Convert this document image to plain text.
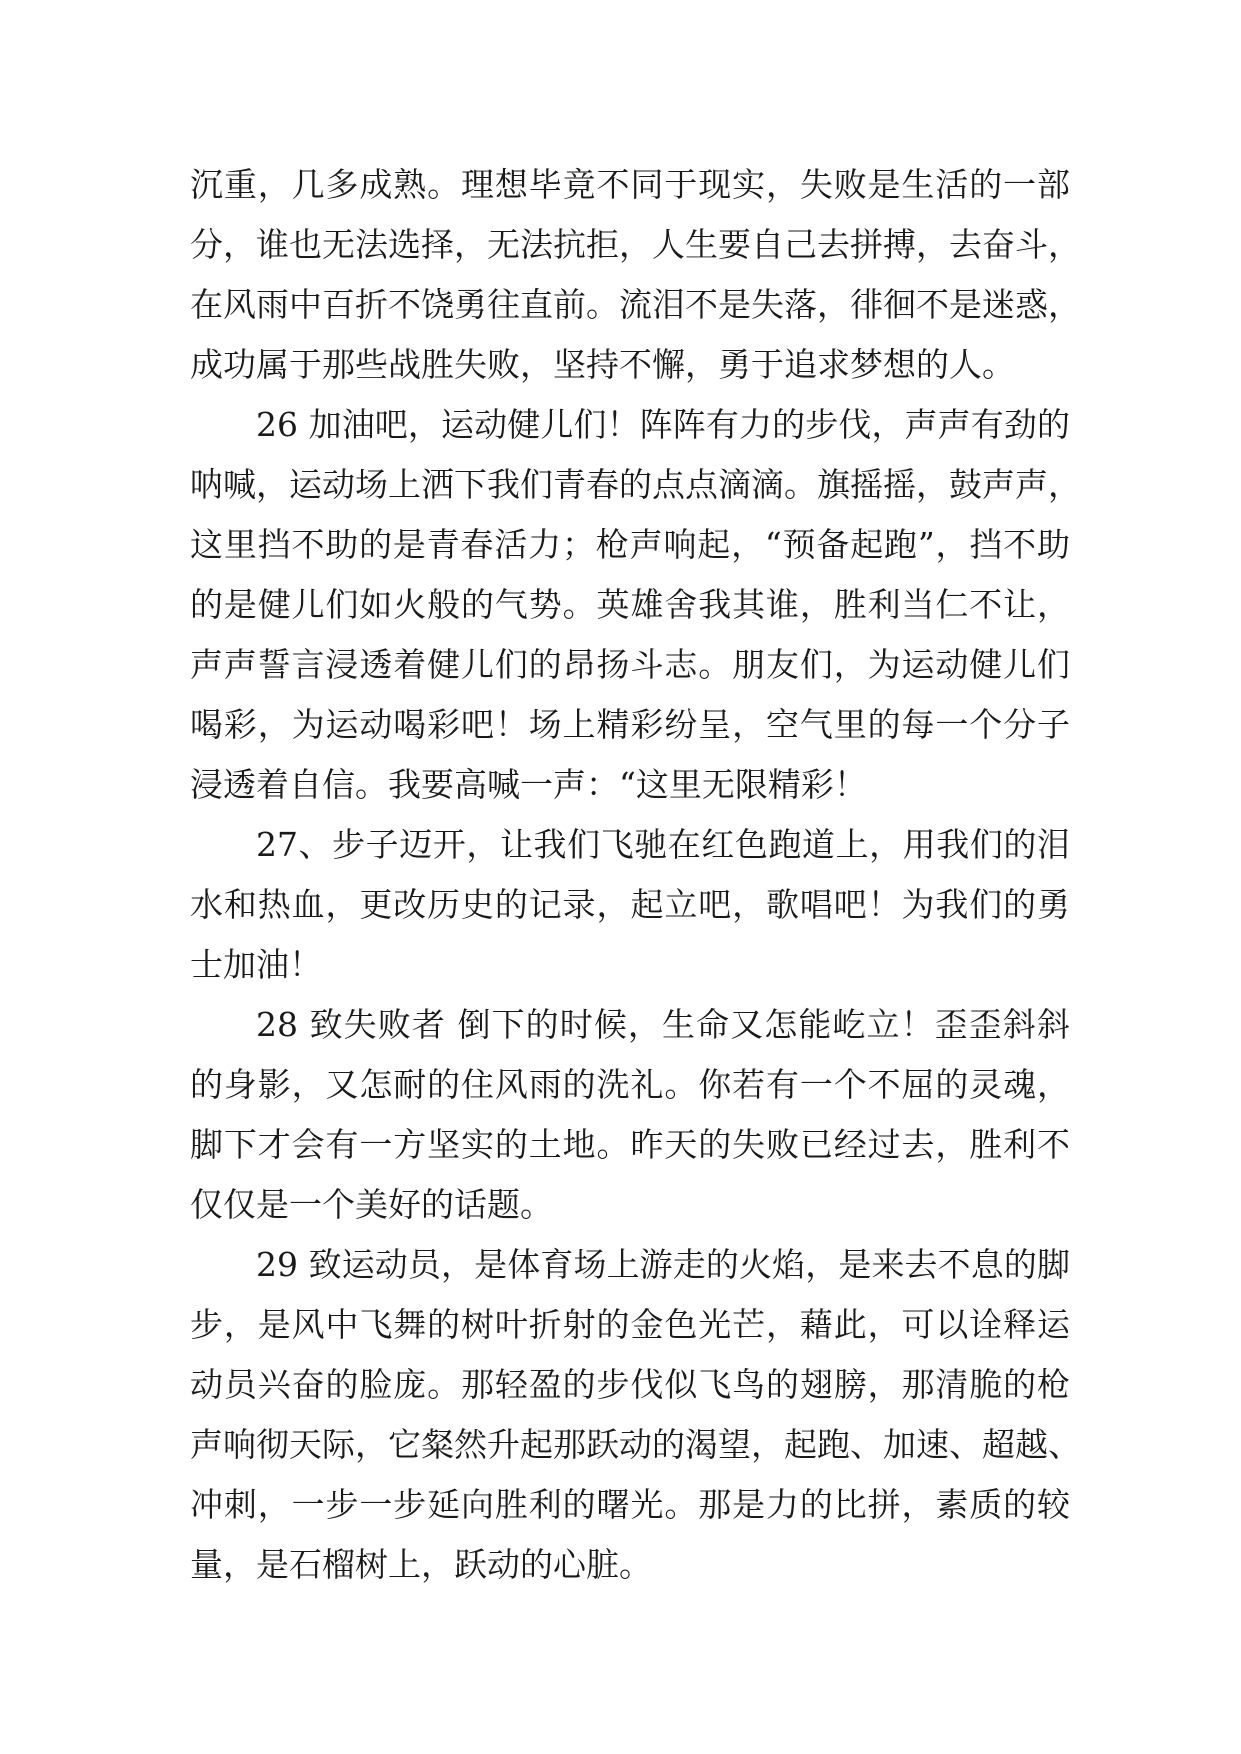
沉重，几多成熟。理想毕竟不同于现实，失败是生活的一部
分，谁也无法选择，无法抗拒，人生要自己去拼搏，去奋斗，
在风雨中百折不饶勇往直前。流泪不是失落，徘徊不是迷惑，
成功属于那些战胜失败，坚持不懈，勇于追求梦想的人。
26 加油吧，运动健儿们！阵阵有力的步伐，声声有劲的
呐喊，运动场上洒下我们青春的点点滴滴。旗摇摇，鼓声声，
这里挡不助的是青春活力；枪声响起，“预备起跑”，挡不助
的是健儿们如火般的气势。英雄舍我其谁，胜利当仁不让，
声声誓言浸透着健儿们的昂扬斗志。朋友们，为运动健儿们
喝彩，为运动喝彩吧！场上精彩纷呈，空气里的每一个分子
浸透着自信。我要高喊一声：“这里无限精彩！
27、步子迈开，让我们飞驰在红色跑道上，用我们的泪
水和热血，更改历史的记录，起立吧，歌唱吧！为我们的勇
士加油！
28 致失败者 倒下的时候，生命又怎能屹立！歪歪斜斜
的身影，又怎耐的住风雨的洗礼。你若有一个不屈的灵魂，
脚下才会有一方坚实的土地。昨天的失败已经过去，胜利不
仅仅是一个美好的话题。
29 致运动员，是体育场上游走的火焰，是来去不息的脚
步，是风中飞舞的树叶折射的金色光芒，藉此，可以诠释运
动员兴奋的脸庞。那轻盈的步伐似飞鸟的翅膀，那清脆的枪
声响彻天际，它粲然升起那跃动的渴望，起跑、加速、超越、
冲刺，一步一步延向胜利的曙光。那是力的比拼，素质的较
量，是石榴树上，跃动的心脏。
